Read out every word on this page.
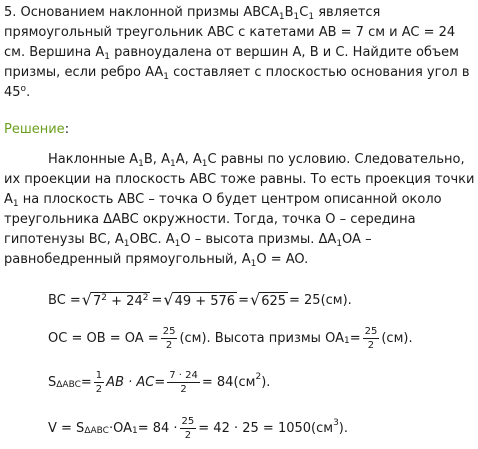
5. Основанием наклонной призмы $ABCA_1B_1C_1$ является прямоугольный треугольник ABC с катетами AB = 7 см и AC = 24 см. Вершина $A_1$ равноудалена от вершин A, B и C. Найдите объем призмы, если ребро $AA_1$ составляет с плоскостью основания угол в 45$^o$.

Решение:

Наклонные $A_1B$, $A_1A$, $A_1C$ равны по условию. Следовательно, их проекции на плоскость ABC тоже равны. То есть проекция точки $A_1$ на плоскость ABC – точка O будет центром описанной около треугольника ΔABC окружности. Тогда, точка O – середина гипотенузы BC, $A_1OBC$. $A_1O$ – высота призмы. $\Delta A_1OA$ – равнобедренный прямоугольный, $A_1O$ = AO.

BC = √ $7^2 + 24^2$ = √ 49 + 576 = √ 625 = 25(см).
OC = OB = OA = $\frac{25}{2} (см)$. Высота призмы $OA_1 = \frac{25}{2} (см)$.
$S_{\Delta ABC} = \frac{1}{2}$ AB · AC = $\frac{7 \cdot 24}{2} = 84(см^2$ ).
$V = S_{\Delta ABC} \cdot OA_1 = 84 \cdot \frac{25}{2} = 42 \cdot 25 = 1050(см^3$ ).
